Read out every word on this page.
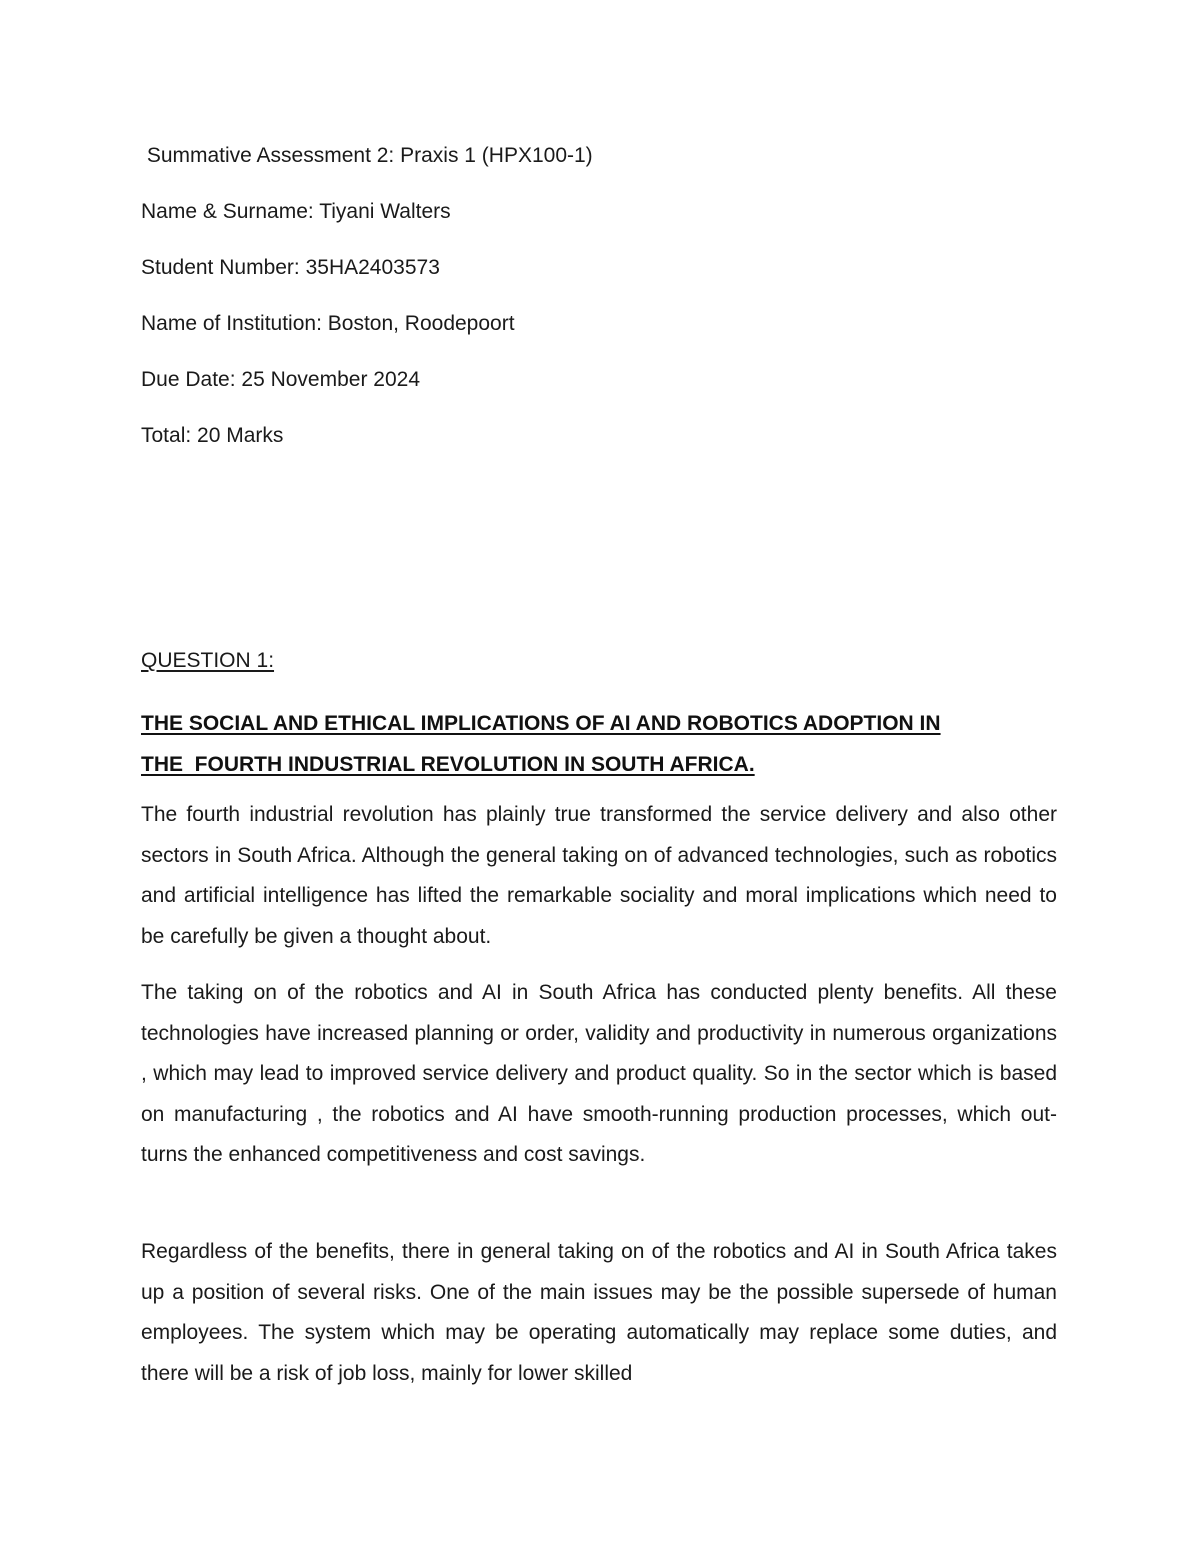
Summative Assessment 2: Praxis 1 (HPX100-1)
Name & Surname: Tiyani Walters
Student Number: 35HA2403573
Name of Institution: Boston, Roodepoort
Due Date: 25 November 2024
Total: 20 Marks
QUESTION 1:
THE SOCIAL AND ETHICAL IMPLICATIONS OF AI AND ROBOTICS ADOPTION IN
THE  FOURTH INDUSTRIAL REVOLUTION IN SOUTH AFRICA.

The fourth industrial revolution has plainly true transformed the service delivery and also other sectors in South Africa. Although the general taking on of advanced technologies, such as robotics and artificial intelligence has lifted the remarkable sociality and moral implications which need to be carefully be given a thought about.

The taking on of the robotics and AI in South Africa has conducted plenty benefits. All these technologies have increased planning or order, validity and productivity in numerous organizations , which may lead to improved service delivery and product quality. So in the sector which is based on manufacturing , the robotics and AI have smooth-running production processes, which out-turns the enhanced competitiveness and cost savings.

Regardless of the benefits, there in general taking on of the robotics and AI in South Africa takes up a position of several risks. One of the main issues may be the possible supersede of human employees. The system which may be operating automatically may replace some duties, and there will be a risk of job loss, mainly for lower skilled
